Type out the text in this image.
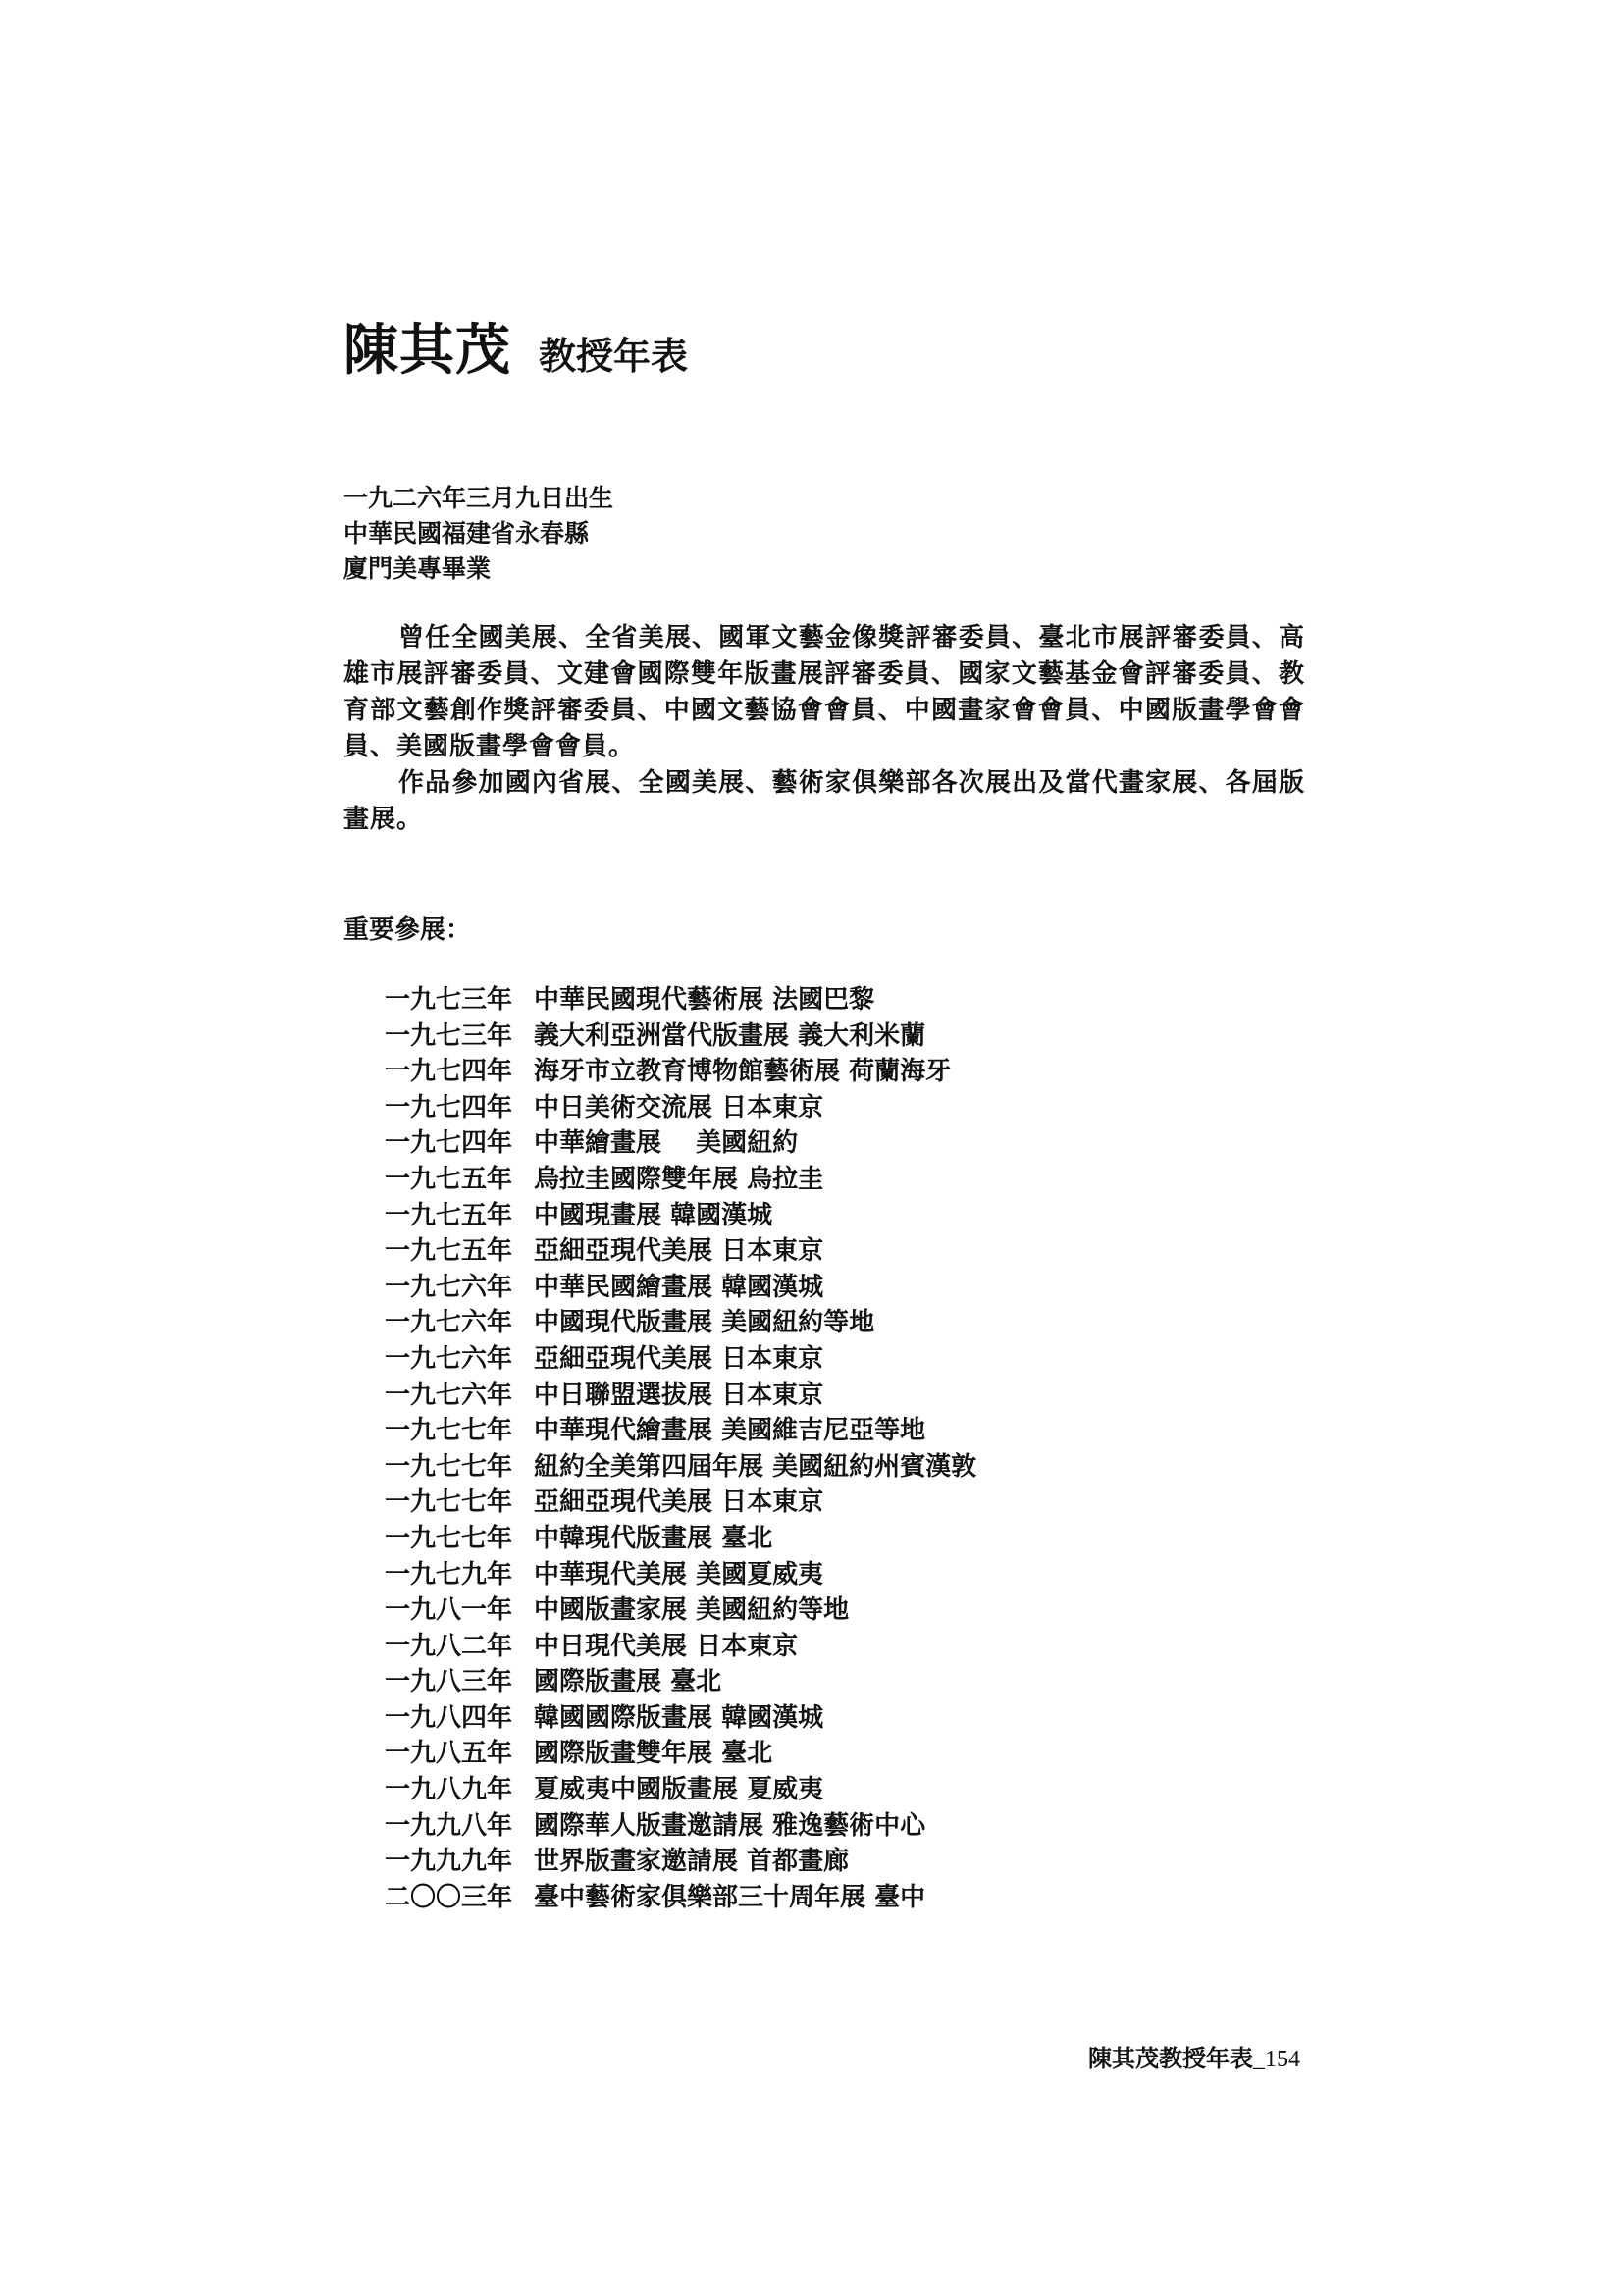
陳其茂 教授年表
一九二六年三月九日出生
中華民國福建省永春縣
廈門美專畢業

曾任全國美展、全省美展、國軍文藝金像獎評審委員、臺北市展評審委員、高雄市展評審委員、文建會國際雙年版畫展評審委員、國家文藝基金會評審委員、教育部文藝創作獎評審委員、中國文藝協會會員、中國畫家會會員、中國版畫學會會員、美國版畫學會會員。

作品參加國內省展、全國美展、藝術家俱樂部各次展出及當代畫家展、各屆版畫展。

重要參展：
一九七三年 中華民國現代藝術展 法國巴黎
一九七三年 義大利亞洲當代版畫展 義大利米蘭
一九七四年 海牙市立教育博物館藝術展 荷蘭海牙
一九七四年 中日美術交流展 日本東京
一九七四年 中華繪畫展 　美國紐約
一九七五年 烏拉圭國際雙年展 烏拉圭
一九七五年 中國現畫展 韓國漢城
一九七五年 亞細亞現代美展 日本東京
一九七六年 中華民國繪畫展 韓國漢城
一九七六年 中國現代版畫展 美國紐約等地
一九七六年 亞細亞現代美展 日本東京
一九七六年 中日聯盟選拔展 日本東京
一九七七年 中華現代繪畫展 美國維吉尼亞等地
一九七七年 紐約全美第四屆年展 美國紐約州賓漢敦
一九七七年 亞細亞現代美展 日本東京
一九七七年 中韓現代版畫展 臺北
一九七九年 中華現代美展 美國夏威夷
一九八一年 中國版畫家展 美國紐約等地
一九八二年 中日現代美展 日本東京
一九八三年 國際版畫展 臺北
一九八四年 韓國國際版畫展 韓國漢城
一九八五年 國際版畫雙年展 臺北
一九八九年 夏威夷中國版畫展 夏威夷
一九九八年 國際華人版畫邀請展 雅逸藝術中心
一九九九年 世界版畫家邀請展 首都畫廊
二〇〇三年 臺中藝術家俱樂部三十周年展 臺中
陳其茂教授年表_154
